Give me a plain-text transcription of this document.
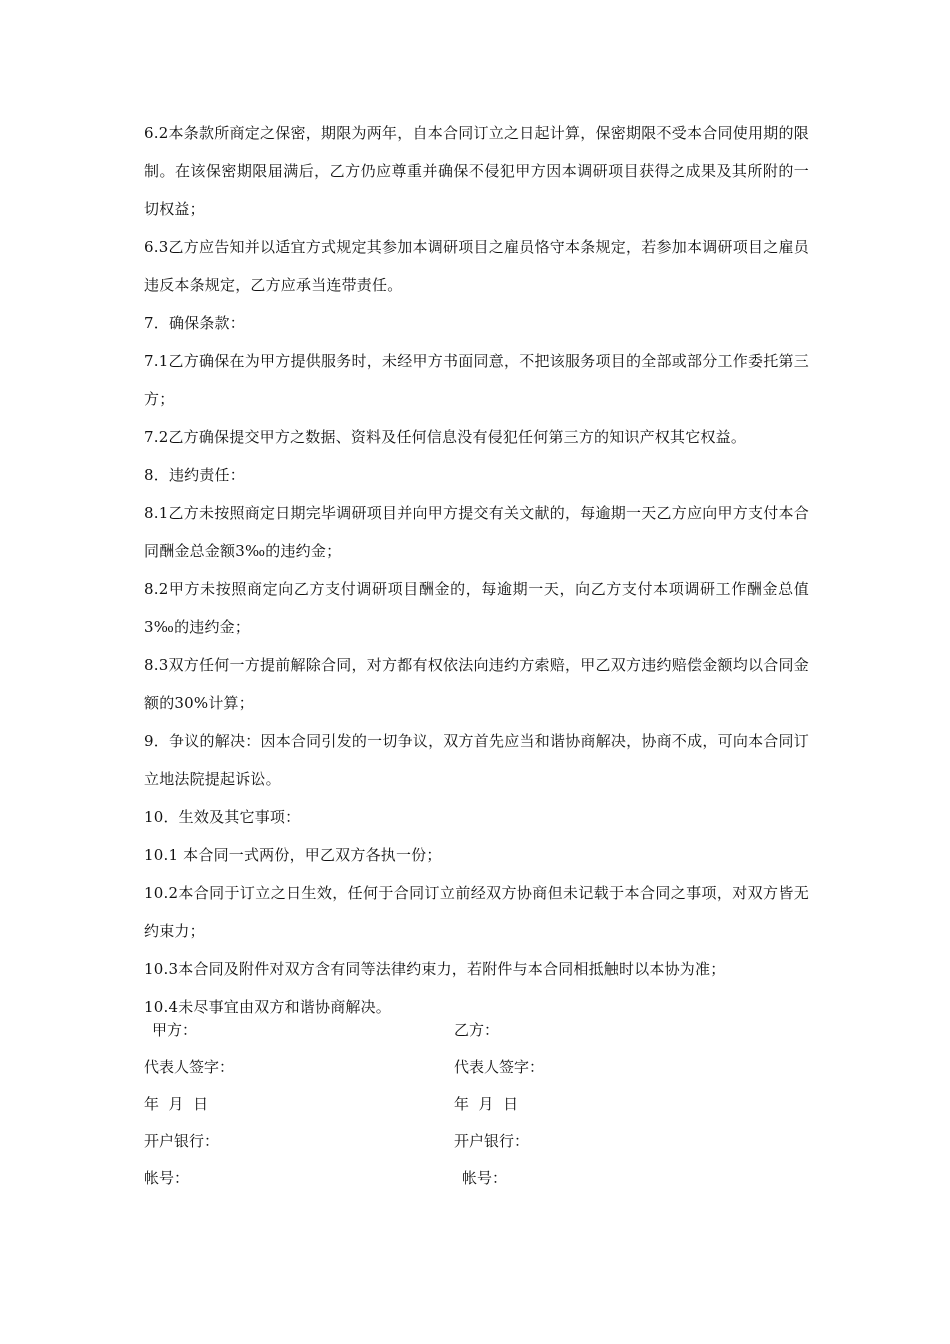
6.2本条款所商定之保密，期限为两年，自本合同订立之日起计算，保密期限不受本合同使用期的限制。在该保密期限届满后，乙方仍应尊重并确保不侵犯甲方因本调研项目获得之成果及其所附的一切权益；

6.3乙方应告知并以适宜方式规定其参加本调研项目之雇员恪守本条规定，若参加本调研项目之雇员违反本条规定，乙方应承当连带责任。

7．确保条款：

7.1乙方确保在为甲方提供服务时，未经甲方书面同意，不把该服务项目的全部或部分工作委托第三方；

7.2乙方确保提交甲方之数据、资料及任何信息没有侵犯任何第三方的知识产权其它权益。

8．违约责任：

8.1乙方未按照商定日期完毕调研项目并向甲方提交有关文献的，每逾期一天乙方应向甲方支付本合同酬金总金额3‰的违约金；

8.2甲方未按照商定向乙方支付调研项目酬金的，每逾期一天，向乙方支付本项调研工作酬金总值3‰的违约金；

8.3双方任何一方提前解除合同，对方都有权依法向违约方索赔，甲乙双方违约赔偿金额均以合同金额的30%计算；

9．争议的解决：因本合同引发的一切争议，双方首先应当和谐协商解决，协商不成，可向本合同订立地法院提起诉讼。

10．生效及其它事项：

10.1 本合同一式两份，甲乙双方各执一份；

10.2本合同于订立之日生效，任何于合同订立前经双方协商但未记载于本合同之事项，对双方皆无约束力；

10.3本合同及附件对双方含有同等法律约束力，若附件与本合同相抵触时以本协为准；

10.4未尽事宜由双方和谐协商解决。

甲方：	乙方：
代表人签字：	代表人签字：
年  月  日	年  月  日
开户银行：	开户银行：
帐号：	帐号：
